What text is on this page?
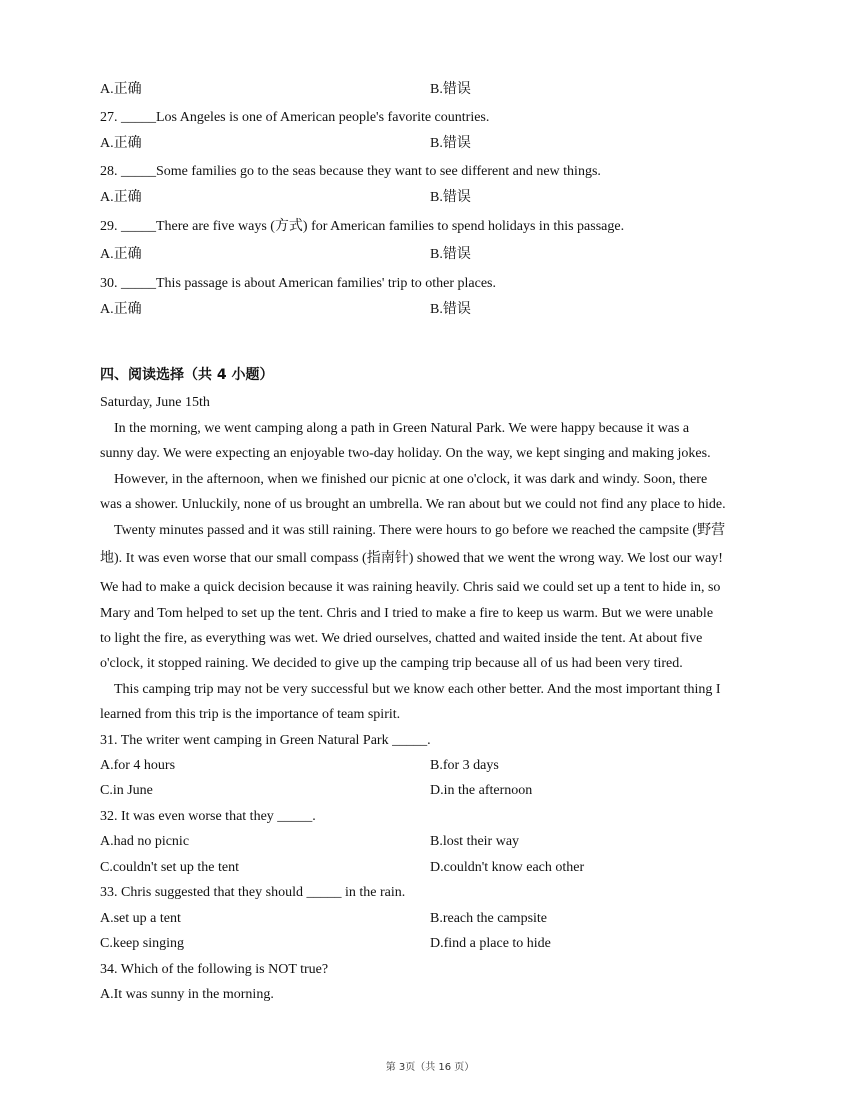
A.正确	B.错误
27. _____Los Angeles is one of American people's favorite countries.
A.正确	B.错误
28. _____Some families go to the seas because they want to see different and new things.
A.正确	B.错误
29. _____There are five ways (方式) for American families to spend holidays in this passage.
A.正确	B.错误
30. _____This passage is about American families' trip to other places.
A.正确	B.错误
四、阅读选择（共 4 小题）
Saturday, June 15th
In the morning, we went camping along a path in Green Natural Park. We were happy because it was a
sunny day. We were expecting an enjoyable two-day holiday. On the way, we kept singing and making jokes.
However, in the afternoon, when we finished our picnic at one o'clock, it was dark and windy. Soon, there
was a shower. Unluckily, none of us brought an umbrella. We ran about but we could not find any place to hide.
Twenty minutes passed and it was still raining. There were hours to go before we reached the campsite (野营
地). It was even worse that our small compass (指南针) showed that we went the wrong way. We lost our way!
We had to make a quick decision because it was raining heavily. Chris said we could set up a tent to hide in, so
Mary and Tom helped to set up the tent. Chris and I tried to make a fire to keep us warm. But we were unable
to light the fire, as everything was wet. We dried ourselves, chatted and waited inside the tent. At about five
o'clock, it stopped raining. We decided to give up the camping trip because all of us had been very tired.
This camping trip may not be very successful but we know each other better. And the most important thing I
learned from this trip is the importance of team spirit.
31. The writer went camping in Green Natural Park _____.
A.for 4 hours	B.for 3 days
C.in June	D.in the afternoon
32. It was even worse that they _____.
A.had no picnic	B.lost their way
C.couldn't set up the tent	D.couldn't know each other
33. Chris suggested that they should _____ in the rain.
A.set up a tent	B.reach the campsite
C.keep singing	D.find a place to hide
34. Which of the following is NOT true?
A.It was sunny in the morning.
第 3页（共 16 页）
